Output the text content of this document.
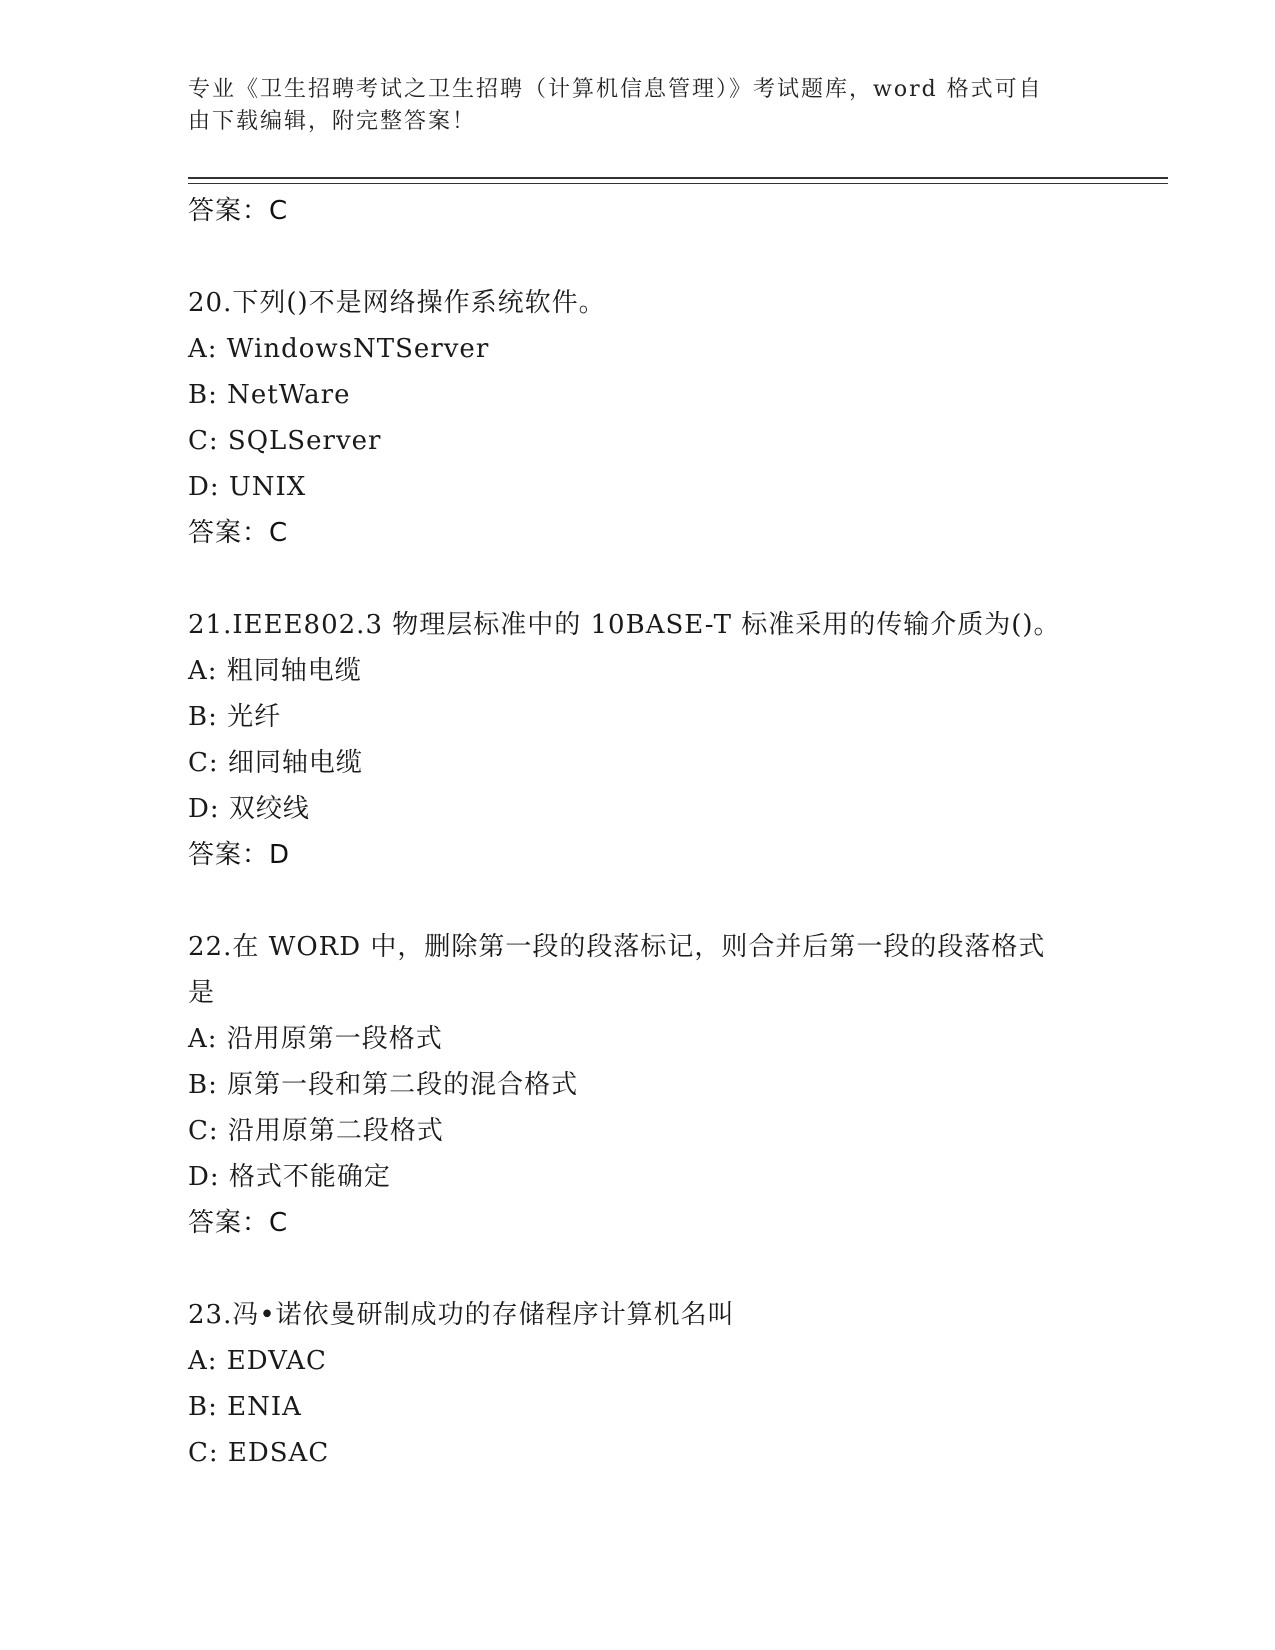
专业《卫生招聘考试之卫生招聘（计算机信息管理）》考试题库，word 格式可自
由下载编辑，附完整答案！
答案：C
20.下列()不是网络操作系统软件。
A: WindowsNTServer
B: NetWare
C: SQLServer
D: UNIX
答案：C
21.IEEE802.3 物理层标准中的 10BASE-T 标准采用的传输介质为()。
A: 粗同轴电缆
B: 光纤
C: 细同轴电缆
D: 双绞线
答案：D
22.在 WORD 中，删除第一段的段落标记，则合并后第一段的段落格式是
A: 沿用原第一段格式
B: 原第一段和第二段的混合格式
C: 沿用原第二段格式
D: 格式不能确定
答案：C
23.冯•诺依曼研制成功的存储程序计算机名叫
A: EDVAC
B: ENIA
C: EDSAC
